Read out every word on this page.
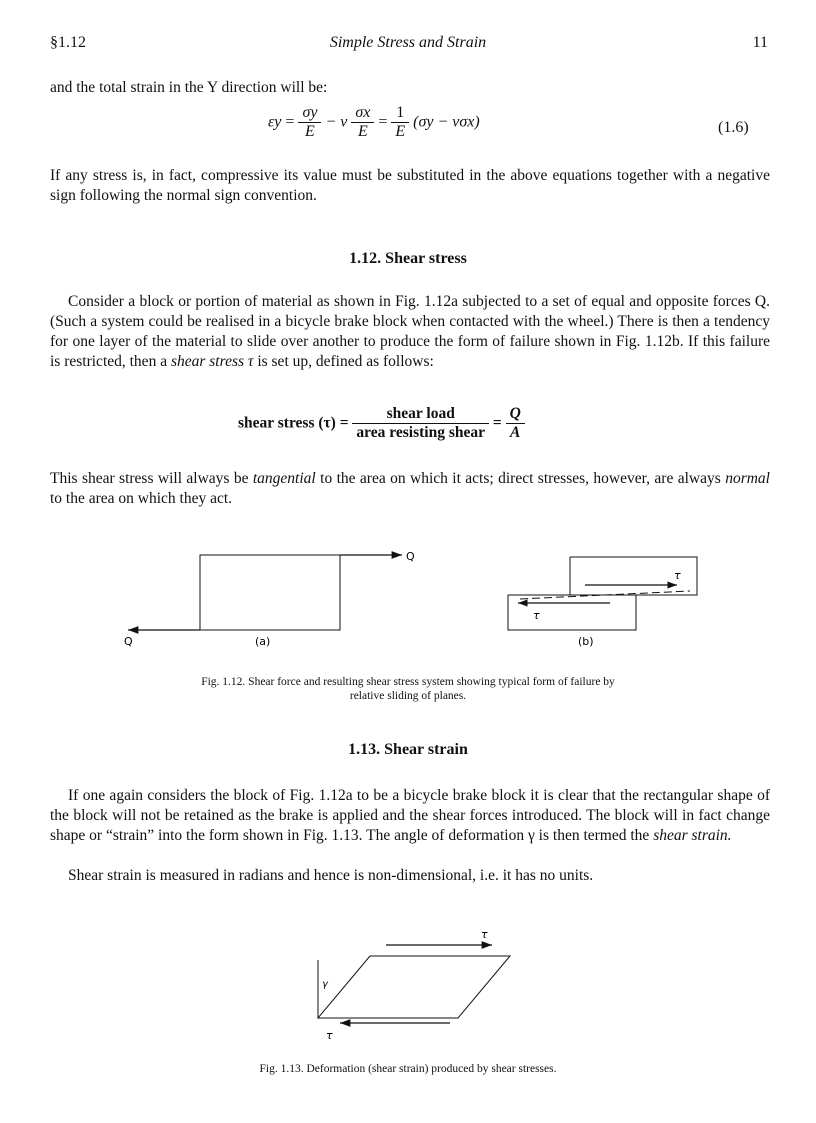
§1.12	Simple Stress and Strain	11
and the total strain in the Y direction will be:
$\varepsilon y = \frac{\sigma y}{E} - \nu \frac{\sigma x}{E} = \frac{1}{E} (\sigma y - \nu\sigma x)$	(1.6)
If any stress is, in fact, compressive its value must be substituted in the above equations together with a negative sign following the normal sign convention.
1.12. Shear stress
Consider a block or portion of material as shown in Fig. 1.12a subjected to a set of equal and opposite forces Q. (Such a system could be realised in a bicycle brake block when contacted with the wheel.) There is then a tendency for one layer of the material to slide over another to produce the form of failure shown in Fig. 1.12b. If this failure is restricted, then a shear stress τ is set up, defined as follows:
shear stress $(\tau) = \frac{\text{shear load}}{\text{area resisting shear}} = \frac{Q}{A}$
This shear stress will always be tangential to the area on which it acts; direct stresses, however, are always normal to the area on which they act.
Q
Q	(a)
τ
τ
(b)
Fig. 1.12. Shear force and resulting shear stress system showing typical form of failure by
relative sliding of planes.
1.13. Shear strain
If one again considers the block of Fig. 1.12a to be a bicycle brake block it is clear that the rectangular shape of the block will not be retained as the brake is applied and the shear forces introduced. The block will in fact change shape or “strain” into the form shown in Fig. 1.13. The angle of deformation γ is then termed the shear strain.
Shear strain is measured in radians and hence is non-dimensional, i.e. it has no units.
τ
γ
τ
Fig. 1.13. Deformation (shear strain) produced by shear stresses.
